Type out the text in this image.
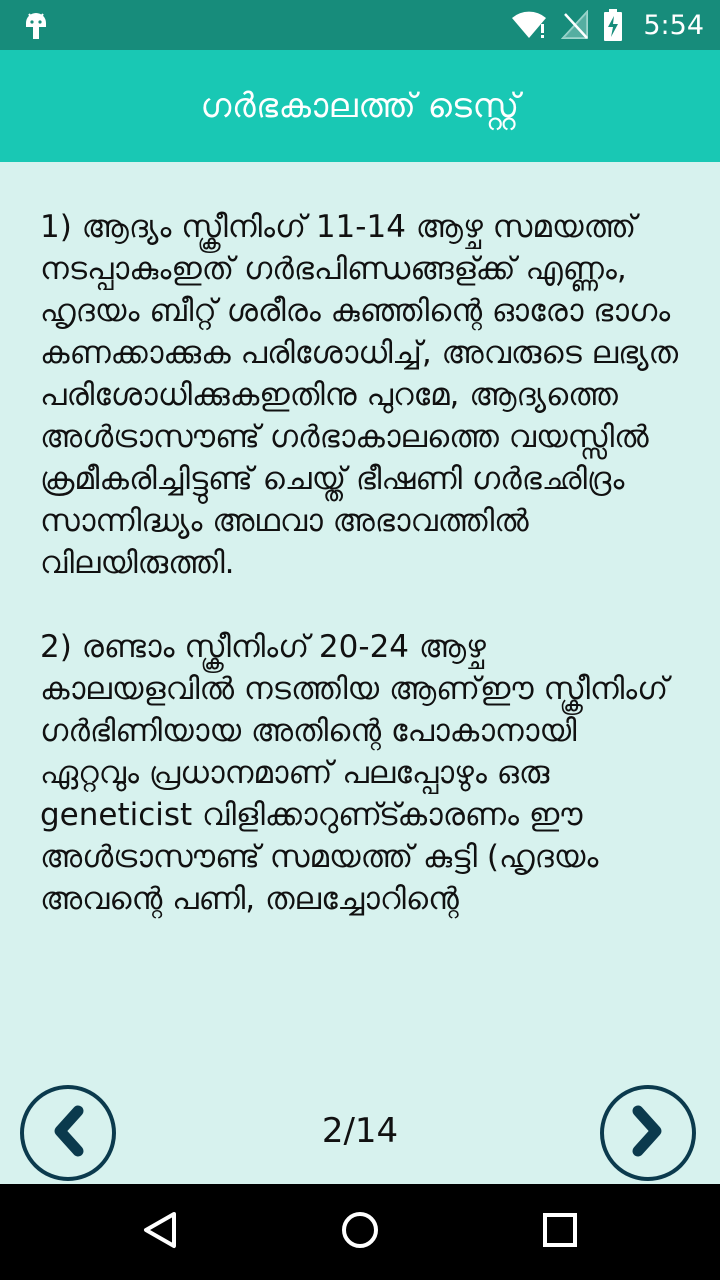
5:54
ഗർഭകാലത്ത് ടെസ്റ്റ്

1) ആദ്യം സ്ക്രീനിംഗ് 11-14 ആഴ്ച സമയത്ത് നടപ്പാകുംഇത് ഗർഭപിണ്ഡങ്ങള്ക്ക് എണ്ണം, ഹൃദയം ബീറ്റ് ശരീരം കുഞ്ഞിന്റെ ഓരോ ഭാഗം കണക്കാക്കുക പരിശോധിച്ച്, അവരുടെ ലഭ്യത പരിശോധിക്കുകഇതിനു പുറമേ, ആദ്യത്തെ അൾട്രാസൗണ്ട് ഗർഭാകാലത്തെ വയസ്സിൽ ക്രമീകരിച്ചിട്ടുണ്ട് ചെയ്ത് ഭീഷണി ഗർഭഛിദ്രം സാന്നിദ്ധ്യം അഥവാ അഭാവത്തിൽ വിലയിരുത്തി.

2) രണ്ടാം സ്ക്രീനിംഗ് 20-24 ആഴ്ച കാലയളവിൽ നടത്തിയ ആണ്ഈ സ്ക്രീനിംഗ് ഗർഭിണിയായ അതിന്റെ പോകാനായി ഏറ്റവും പ്രധാനമാണ് പലപ്പോഴും ഒരു geneticist വിളിക്കാറുണ്ട്കാരണം ഈ അൾട്രാസൗണ്ട് സമയത്ത് കുട്ടി (ഹൃദയം അവന്റെ പണി, തലച്ചോറിന്റെ

2/14
